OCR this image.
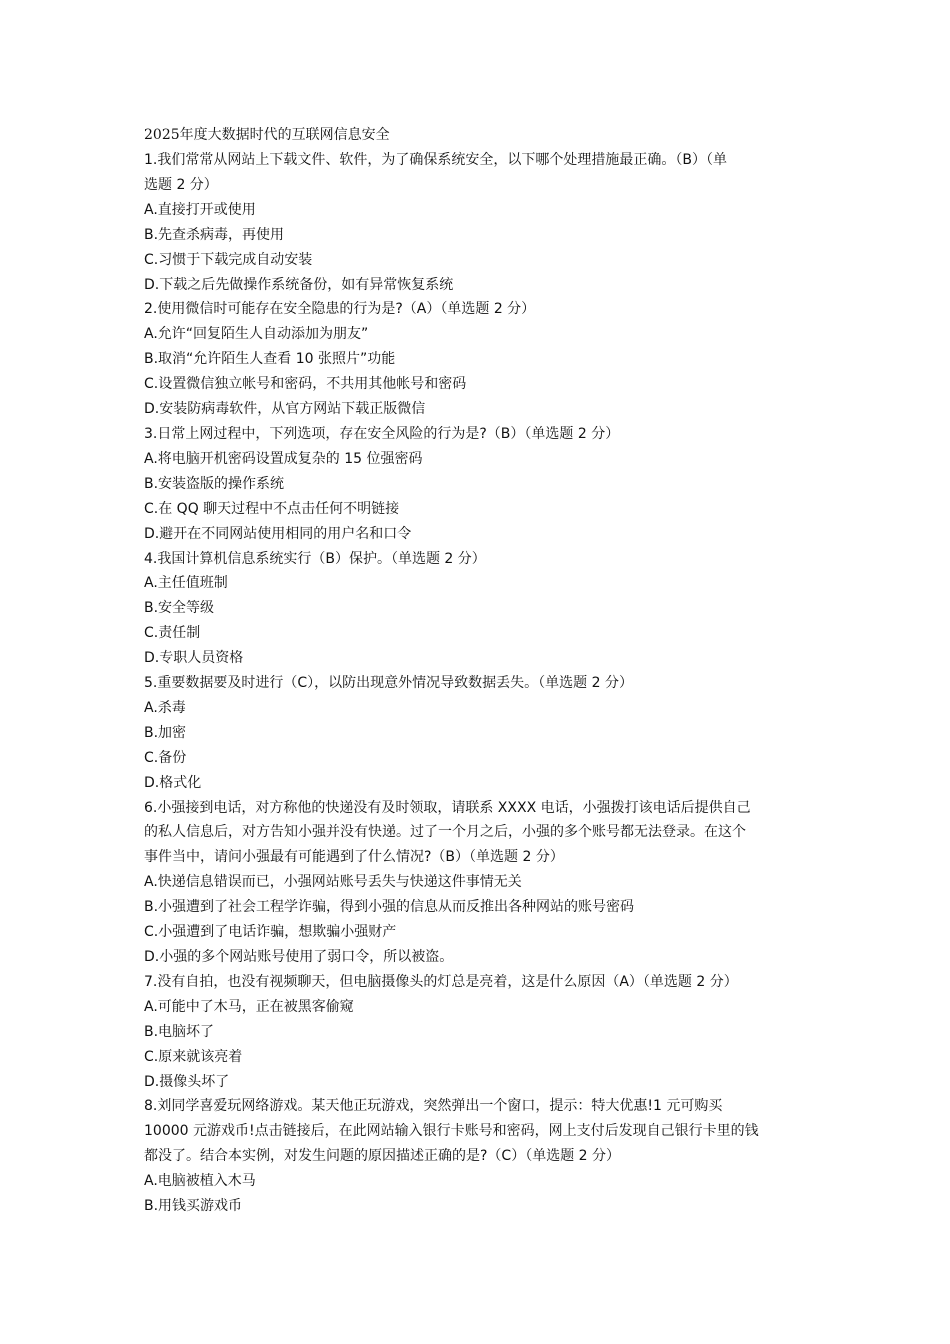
2025年度大数据时代的互联网信息安全

1.我们常常从网站上下载文件、软件，为了确保系统安全，以下哪个处理措施最正确。（B）（单

选题 2 分）

A.直接打开或使用

B.先查杀病毒，再使用

C.习惯于下载完成自动安装

D.下载之后先做操作系统备份，如有异常恢复系统

2.使用微信时可能存在安全隐患的行为是?（A）（单选题 2 分）

A.允许“回复陌生人自动添加为朋友”

B.取消“允许陌生人查看 10 张照片”功能

C.设置微信独立帐号和密码，不共用其他帐号和密码

D.安装防病毒软件，从官方网站下载正版微信

3.日常上网过程中，下列选项，存在安全风险的行为是?（B）（单选题 2 分）

A.将电脑开机密码设置成复杂的 15 位强密码

B.安装盗版的操作系统

C.在 QQ 聊天过程中不点击任何不明链接

D.避开在不同网站使用相同的用户名和口令

4.我国计算机信息系统实行（B）保护。（单选题 2 分）

A.主任值班制

B.安全等级

C.责任制

D.专职人员资格

5.重要数据要及时进行（C），以防出现意外情况导致数据丢失。（单选题 2 分）

A.杀毒

B.加密

C.备份

D.格式化

6.小强接到电话，对方称他的快递没有及时领取，请联系 XXXX 电话，小强拨打该电话后提供自己

的私人信息后，对方告知小强并没有快递。过了一个月之后，小强的多个账号都无法登录。在这个

事件当中，请问小强最有可能遇到了什么情况?（B）（单选题 2 分）

A.快递信息错误而已，小强网站账号丢失与快递这件事情无关

B.小强遭到了社会工程学诈骗，得到小强的信息从而反推出各种网站的账号密码

C.小强遭到了电话诈骗，想欺骗小强财产

D.小强的多个网站账号使用了弱口令，所以被盗。

7.没有自拍，也没有视频聊天，但电脑摄像头的灯总是亮着，这是什么原因（A）（单选题 2 分）

A.可能中了木马，正在被黑客偷窥

B.电脑坏了

C.原来就该亮着

D.摄像头坏了

8.刘同学喜爱玩网络游戏。某天他正玩游戏，突然弹出一个窗口，提示：特大优惠!1 元可购买

10000 元游戏币!点击链接后，在此网站输入银行卡账号和密码，网上支付后发现自己银行卡里的钱

都没了。结合本实例，对发生问题的原因描述正确的是?（C）（单选题 2 分）

A.电脑被植入木马

B.用钱买游戏币
